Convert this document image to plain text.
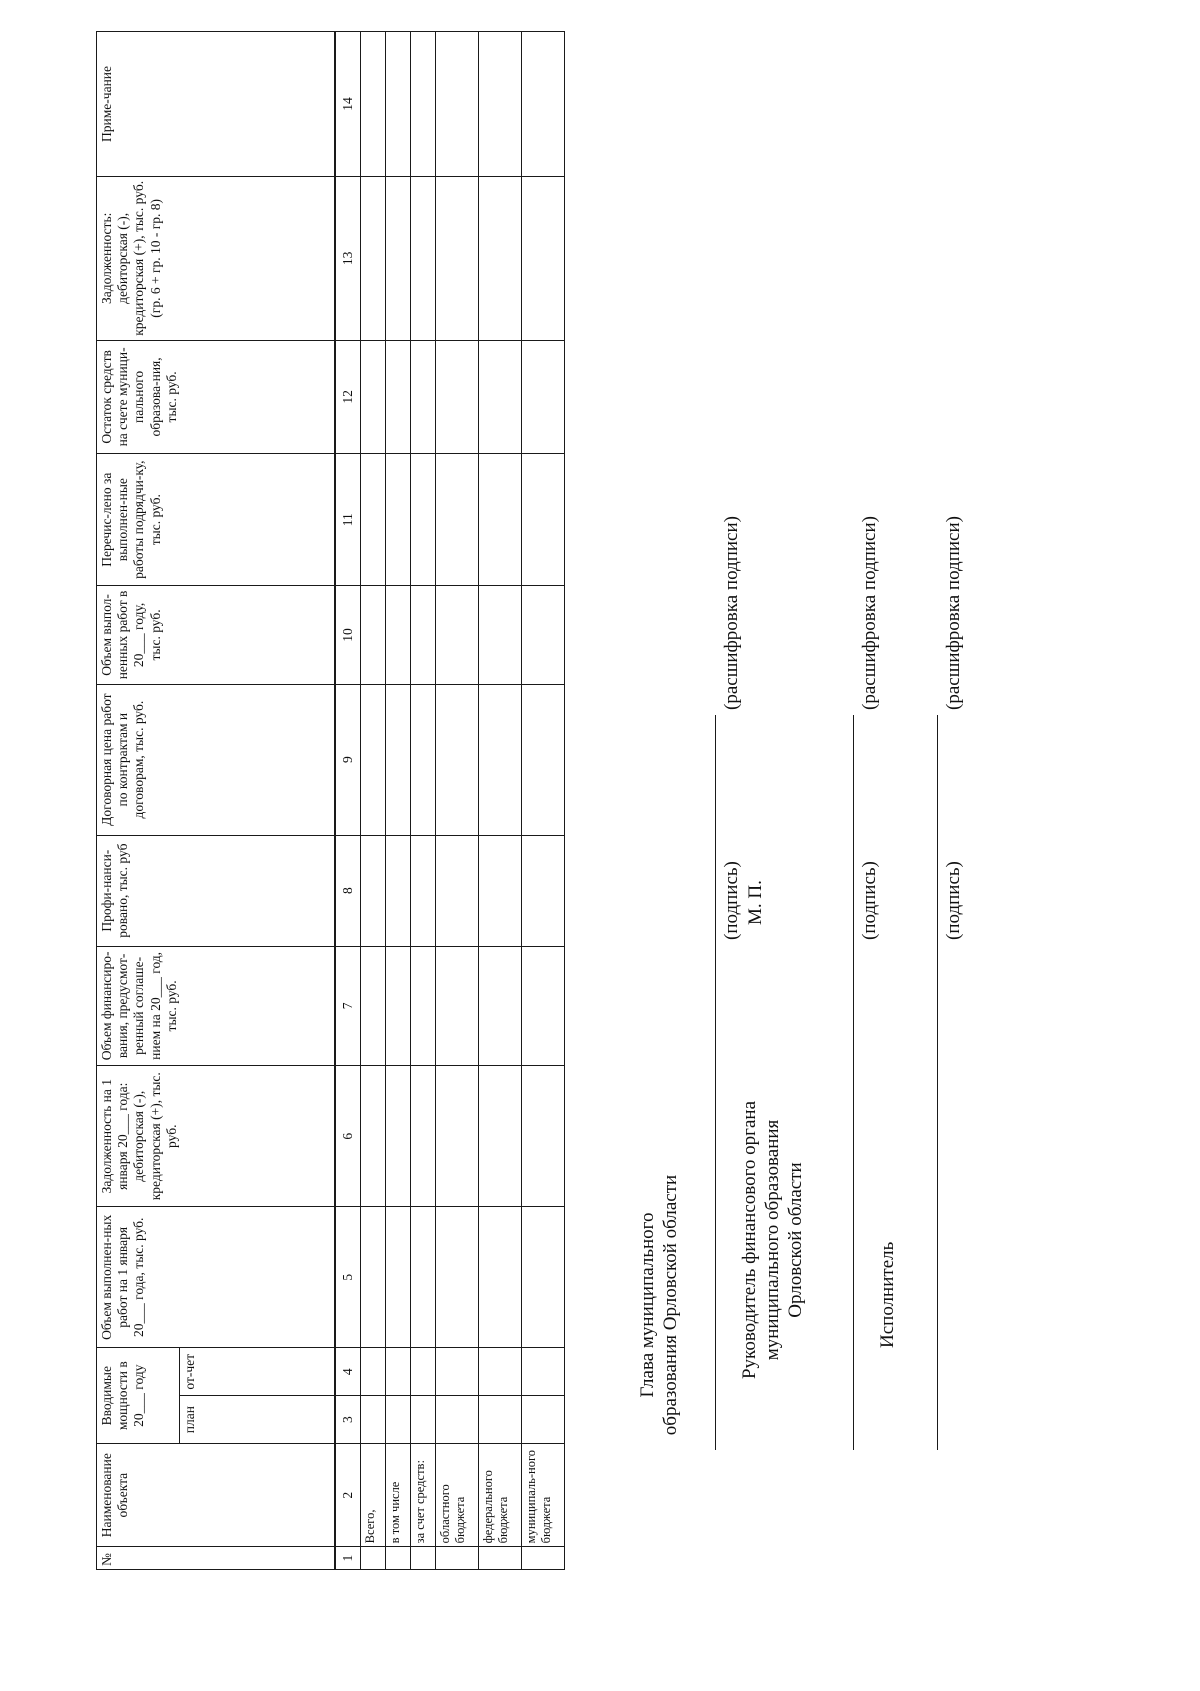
№	Наименование объекта	Вводимые мощности в 20___ году		Объем выполнен-ных работ на 1 января 20___ года, тыс. руб.	Задолженность на 1 января 20___ года: дебиторская (-), кредиторская (+), тыс. руб.	Объем финансиро-вания, предусмот-ренный соглаше-нием на 20___ год, тыс. руб.	Профи-нанси-ровано, тыс. руб	Договорная цена работ по контрактам и договорам, тыс. руб.	Объем выпол-ненных работ в 20___ году, тыс. руб.	Перечис-лено за выполнен-ные работы подрядчи-ку, тыс. руб.	Остаток средств на счете муници-пального образова-ния, тыс. руб.	Задолженность: дебиторская (-), кредиторская (+), тыс. руб. (гр. 6 + гр. 10 - гр. 8)	Приме-чание
		план	от-чет										
1	2	3	4	5	6	7	8	9	10	11	12	13	14
	Всего,												
	в том числе												
	за счет средств:												
	областного бюджета												
	федерального бюджета												
	муниципаль-ного бюджета												
Глава муниципального образования Орловской области
(подпись) М. П.
(расшифровка подписи)
Руководитель финансового органа муниципального образования Орловской области
(подпись)
(расшифровка подписи)
Исполнитель
(подпись)
(расшифровка подписи)
